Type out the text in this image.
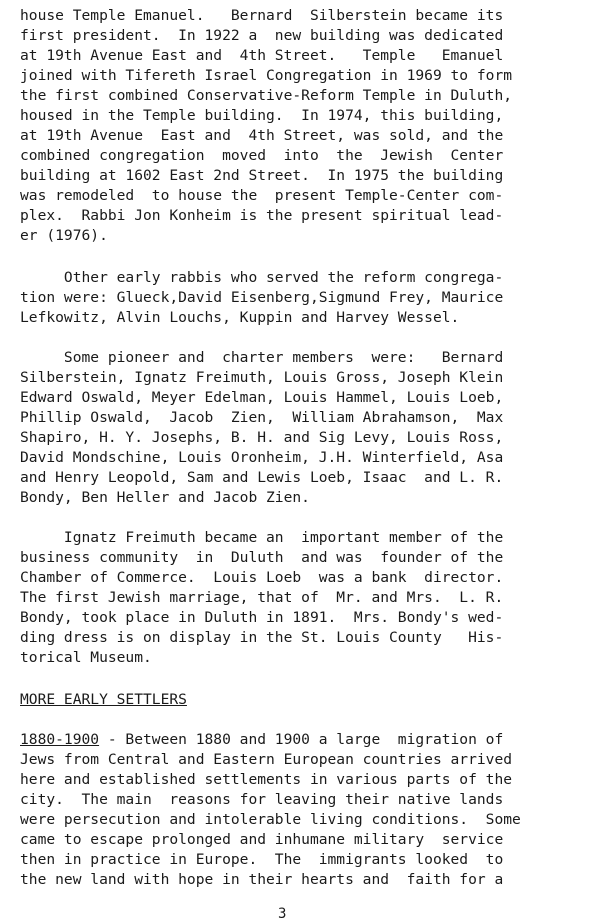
house Temple Emanuel.   Bernard  Silberstein became its
first president.  In 1922 a  new building was dedicated
at 19th Avenue East and  4th Street.   Temple   Emanuel
joined with Tifereth Israel Congregation in 1969 to form
the first combined Conservative-Reform Temple in Duluth,
housed in the Temple building.  In 1974, this building,
at 19th Avenue  East and  4th Street, was sold, and the
combined congregation  moved  into  the  Jewish  Center
building at 1602 East 2nd Street.  In 1975 the building
was remodeled  to house the  present Temple-Center com-
plex.  Rabbi Jon Konheim is the present spiritual lead-
er (1976).
Other early rabbis who served the reform congrega-
tion were: Glueck,David Eisenberg,Sigmund Frey, Maurice
Lefkowitz, Alvin Louchs, Kuppin and Harvey Wessel.
Some pioneer and  charter members  were:   Bernard
Silberstein, Ignatz Freimuth, Louis Gross, Joseph Klein
Edward Oswald, Meyer Edelman, Louis Hammel, Louis Loeb,
Phillip Oswald,  Jacob  Zien,  William Abrahamson,  Max
Shapiro, H. Y. Josephs, B. H. and Sig Levy, Louis Ross,
David Mondschine, Louis Oronheim, J.H. Winterfield, Asa
and Henry Leopold, Sam and Lewis Loeb, Isaac  and L. R.
Bondy, Ben Heller and Jacob Zien.
Ignatz Freimuth became an  important member of the
business community  in  Duluth  and was  founder of the
Chamber of Commerce.  Louis Loeb  was a bank  director.
The first Jewish marriage, that of  Mr. and Mrs.  L. R.
Bondy, took place in Duluth in 1891.  Mrs. Bondy's wed-
ding dress is on display in the St. Louis County   His-
torical Museum.
MORE EARLY SETTLERS
1880-1900 - Between 1880 and 1900 a large  migration of
Jews from Central and Eastern European countries arrived
here and established settlements in various parts of the
city.  The main  reasons for leaving their native lands
were persecution and intolerable living conditions.  Some
came to escape prolonged and inhumane military  service
then in practice in Europe.  The  immigrants looked  to
the new land with hope in their hearts and  faith for a
3
